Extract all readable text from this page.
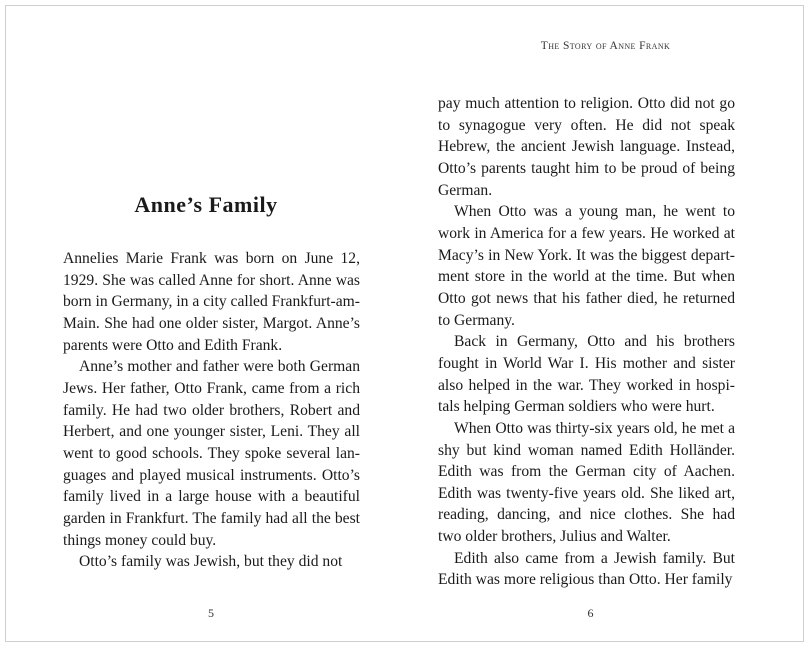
Anne’s Family

Annelies Marie Frank was born on June 12, 1929. She was called Anne for short. Anne was born in Germany, in a city called Frankfurt-am-Main. She had one older sister, Margot. Anne’s parents were Otto and Edith Frank.

Anne’s mother and father were both German Jews. Her father, Otto Frank, came from a rich family. He had two older brothers, Robert and Herbert, and one younger sister, Leni. They all went to good schools. They spoke several languages and played musical instruments. Otto’s family lived in a large house with a beautiful garden in Frankfurt. The family had all the best things money could buy.

Otto’s family was Jewish, but they did not

5
The Story of Anne Frank

pay much attention to religion. Otto did not go to synagogue very often. He did not speak Hebrew, the ancient Jewish language. Instead, Otto’s parents taught him to be proud of being German.

When Otto was a young man, he went to work in America for a few years. He worked at Macy’s in New York. It was the biggest department store in the world at the time. But when Otto got news that his father died, he returned to Germany.

Back in Germany, Otto and his brothers fought in World War I. His mother and sister also helped in the war. They worked in hospitals helping German soldiers who were hurt.

When Otto was thirty-six years old, he met a shy but kind woman named Edith Holländer. Edith was from the German city of Aachen. Edith was twenty-five years old. She liked art, reading, dancing, and nice clothes. She had two older brothers, Julius and Walter.

Edith also came from a Jewish family. But Edith was more religious than Otto. Her family

6
